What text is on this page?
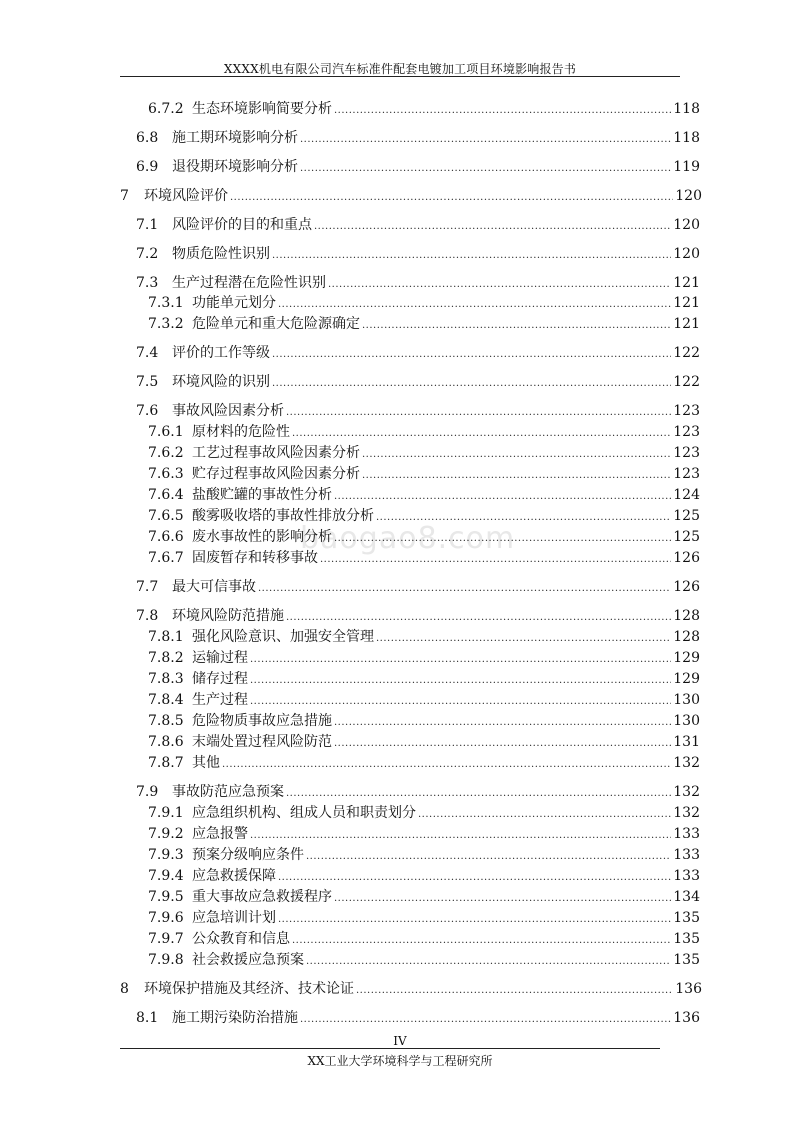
XXXX机电有限公司汽车标准件配套电镀加工项目环境影响报告书
baogao8.com
6.7.2 生态环境影响简要分析 .....	118
6.8 施工期环境影响分析 .....	118
6.9 退役期环境影响分析 .....	119
7	环境风险评价 .....	120
7.1 风险评价的目的和重点 .....	120
7.2 物质危险性识别 .....	120
7.3 生产过程潜在危险性识别 .....	121
7.3.1 功能单元划分 .....	121
7.3.2 危险单元和重大危险源确定 .....	121
7.4 评价的工作等级 .....	122
7.5 环境风险的识别 .....	122
7.6 事故风险因素分析 .....	123
7.6.1 原材料的危险性 .....	123
7.6.2 工艺过程事故风险因素分析 .....	123
7.6.3 贮存过程事故风险因素分析 .....	123
7.6.4 盐酸贮罐的事故性分析 .....	124
7.6.5 酸雾吸收塔的事故性排放分析 .....	125
7.6.6 废水事故性的影响分析 .....	125
7.6.7 固废暂存和转移事故 .....	126
7.7 最大可信事故 .....	126
7.8 环境风险防范措施 .....	128
7.8.1 强化风险意识、加强安全管理 .....	128
7.8.2 运输过程 .....	129
7.8.3 储存过程 .....	129
7.8.4 生产过程 .....	130
7.8.5 危险物质事故应急措施 .....	130
7.8.6 末端处置过程风险防范 .....	131
7.8.7 其他 .....	132
7.9 事故防范应急预案 .....	132
7.9.1 应急组织机构、组成人员和职责划分 .....	132
7.9.2 应急报警 .....	133
7.9.3 预案分级响应条件 .....	133
7.9.4 应急救援保障 .....	133
7.9.5 重大事故应急救援程序 .....	134
7.9.6 应急培训计划 .....	135
7.9.7 公众教育和信息 .....	135
7.9.8 社会救援应急预案 .....	135
8	环境保护措施及其经济、技术论证 .....	136
8.1 施工期污染防治措施 .....	136
IV
XX工业大学环境科学与工程研究所
